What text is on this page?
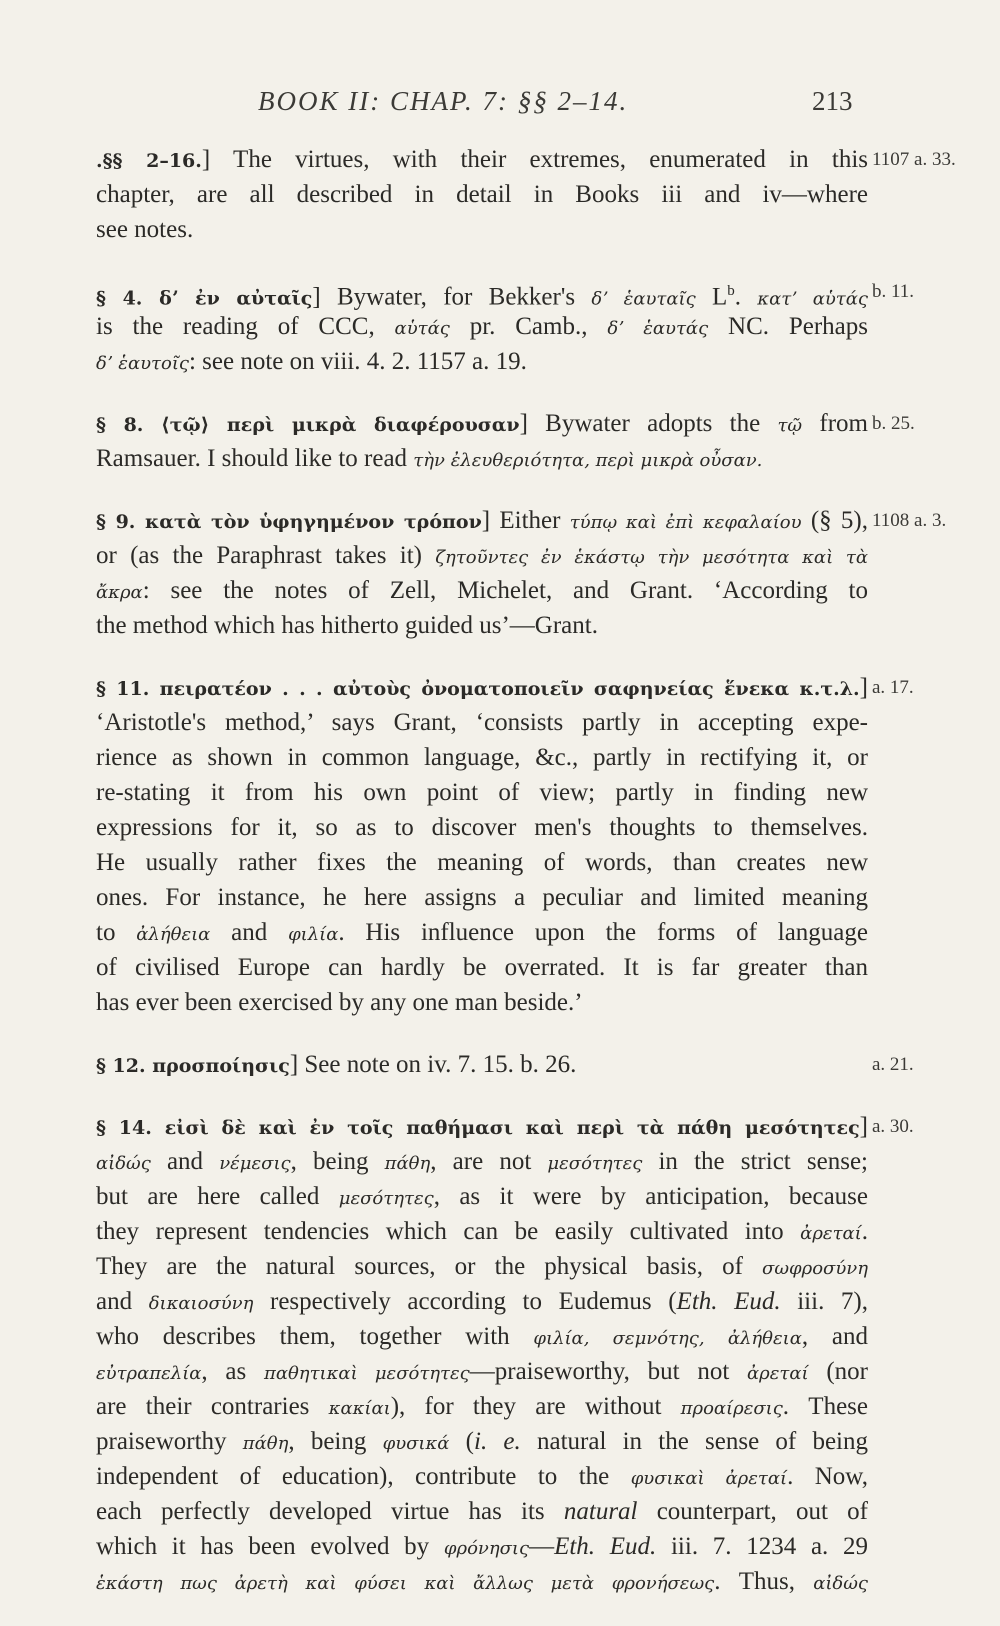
BOOK II: CHAP. 7: §§ 2–14.	213
.§§ 2–16.] The virtues, with their extremes, enumerated in this 1107 a. 33.
chapter, are all described in detail in Books iii and iv—where
see notes.
§ 4. δʼ ἐν αὐταῖς] Bywater, for Bekker's δʼ ἑαυταῖς $L^b$. κατʼ αὑτάς b. 11.
is the reading of CCC, αὑτάς pr. Camb., δʼ ἑαυτάς NC. Perhaps
δʼ ἑαυτοῖς: see note on viii. 4. 2. 1157 a. 19.
§ 8. ⟨τῷ⟩ περὶ μικρὰ διαφέρουσαν] Bywater adopts the τῷ from b. 25.
Ramsauer. I should like to read τὴν ἐλευθεριότητα, περὶ μικρὰ οὖσαν.
§ 9. κατὰ τὸν ὑφηγημένον τρόπον] Either τύπῳ καὶ ἐπὶ κεφαλαίου (§ 5), 1108 a. 3.
or (as the Paraphrast takes it) ζητοῦντες ἐν ἑκάστῳ τὴν μεσότητα καὶ τὰ
ἄκρα: see the notes of Zell, Michelet, and Grant. ‘According to
the method which has hitherto guided us’—Grant.
§ 11. πειρατέον . . . αὐτοὺς ὀνοματοποιεῖν σαφηνείας ἕνεκα κ.τ.λ.] a. 17.
‘Aristotle's method,’ says Grant, ‘consists partly in accepting expe-
rience as shown in common language, &c., partly in rectifying it, or
re-stating it from his own point of view; partly in finding new
expressions for it, so as to discover men's thoughts to themselves.
He usually rather fixes the meaning of words, than creates new
ones. For instance, he here assigns a peculiar and limited meaning
to ἀλήθεια and φιλία. His influence upon the forms of language
of civilised Europe can hardly be overrated. It is far greater than
has ever been exercised by any one man beside.’
§ 12. προσποίησις] See note on iv. 7. 15. b. 26.	a. 21.
§ 14. εἰσὶ δὲ καὶ ἐν τοῖς παθήμασι καὶ περὶ τὰ πάθη μεσότητες] a. 30.
αἰδώς and νέμεσις, being πάθη, are not μεσότητες in the strict sense;
but are here called μεσότητες, as it were by anticipation, because
they represent tendencies which can be easily cultivated into ἀρεταί.
They are the natural sources, or the physical basis, of σωφροσύνη
and δικαιοσύνη respectively according to Eudemus (Eth. Eud. iii. 7),
who describes them, together with φιλία, σεμνότης, ἀλήθεια, and
εὐτραπελία, as παθητικαὶ μεσότητες—praiseworthy, but not ἀρεταί (nor
are their contraries κακίαι), for they are without προαίρεσις. These
praiseworthy πάθη, being φυσικά (i. e. natural in the sense of being
independent of education), contribute to the φυσικαὶ ἀρεταί. Now,
each perfectly developed virtue has its natural counterpart, out of
which it has been evolved by φρόνησις—Eth. Eud. iii. 7. 1234 a. 29
ἑκάστη πως ἀρετὴ καὶ φύσει καὶ ἄλλως μετὰ φρονήσεως. Thus, αἰδώς
